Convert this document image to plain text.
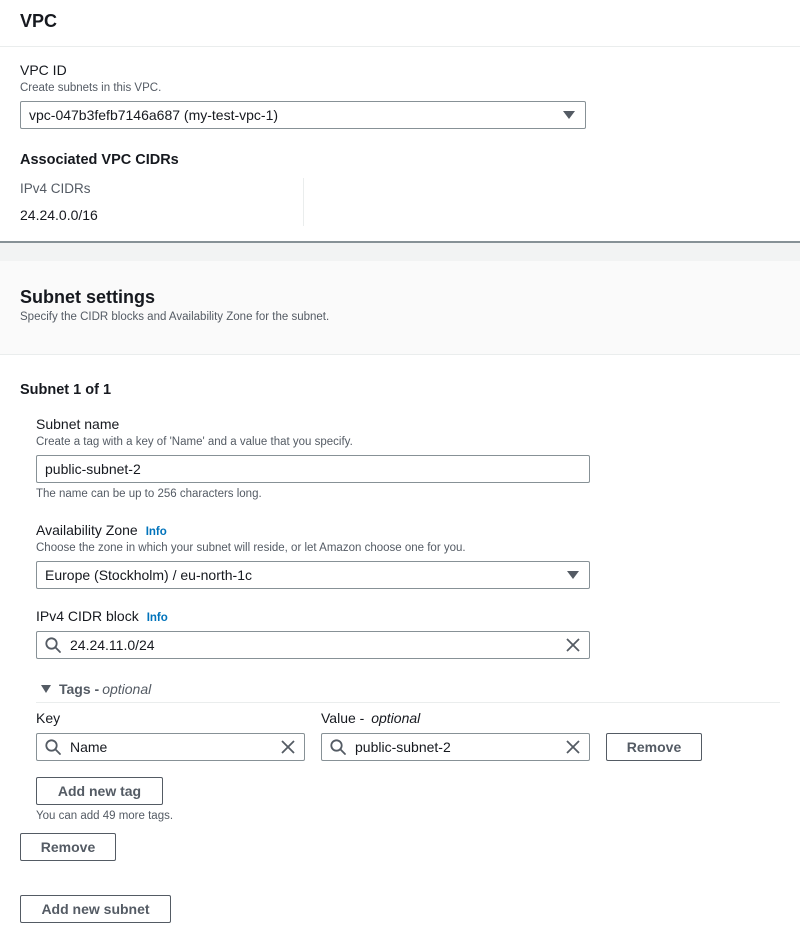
VPC
VPC ID
Create subnets in this VPC.
vpc-047b3fefb7146a687 (my-test-vpc-1)
Associated VPC CIDRs
IPv4 CIDRs
24.24.0.0/16
Subnet settings
Specify the CIDR blocks and Availability Zone for the subnet.
Subnet 1 of 1
Subnet name
Create a tag with a key of 'Name' and a value that you specify.
public-subnet-2
The name can be up to 256 characters long.
Availability Zone Info
Choose the zone in which your subnet will reside, or let Amazon choose one for you.
Europe (Stockholm) / eu-north-1c
IPv4 CIDR block Info
24.24.11.0/24
Tags - optional
Key	Value - optional
Name	public-subnet-2	Remove
Add new tag
You can add 49 more tags.
Remove
Add new subnet
